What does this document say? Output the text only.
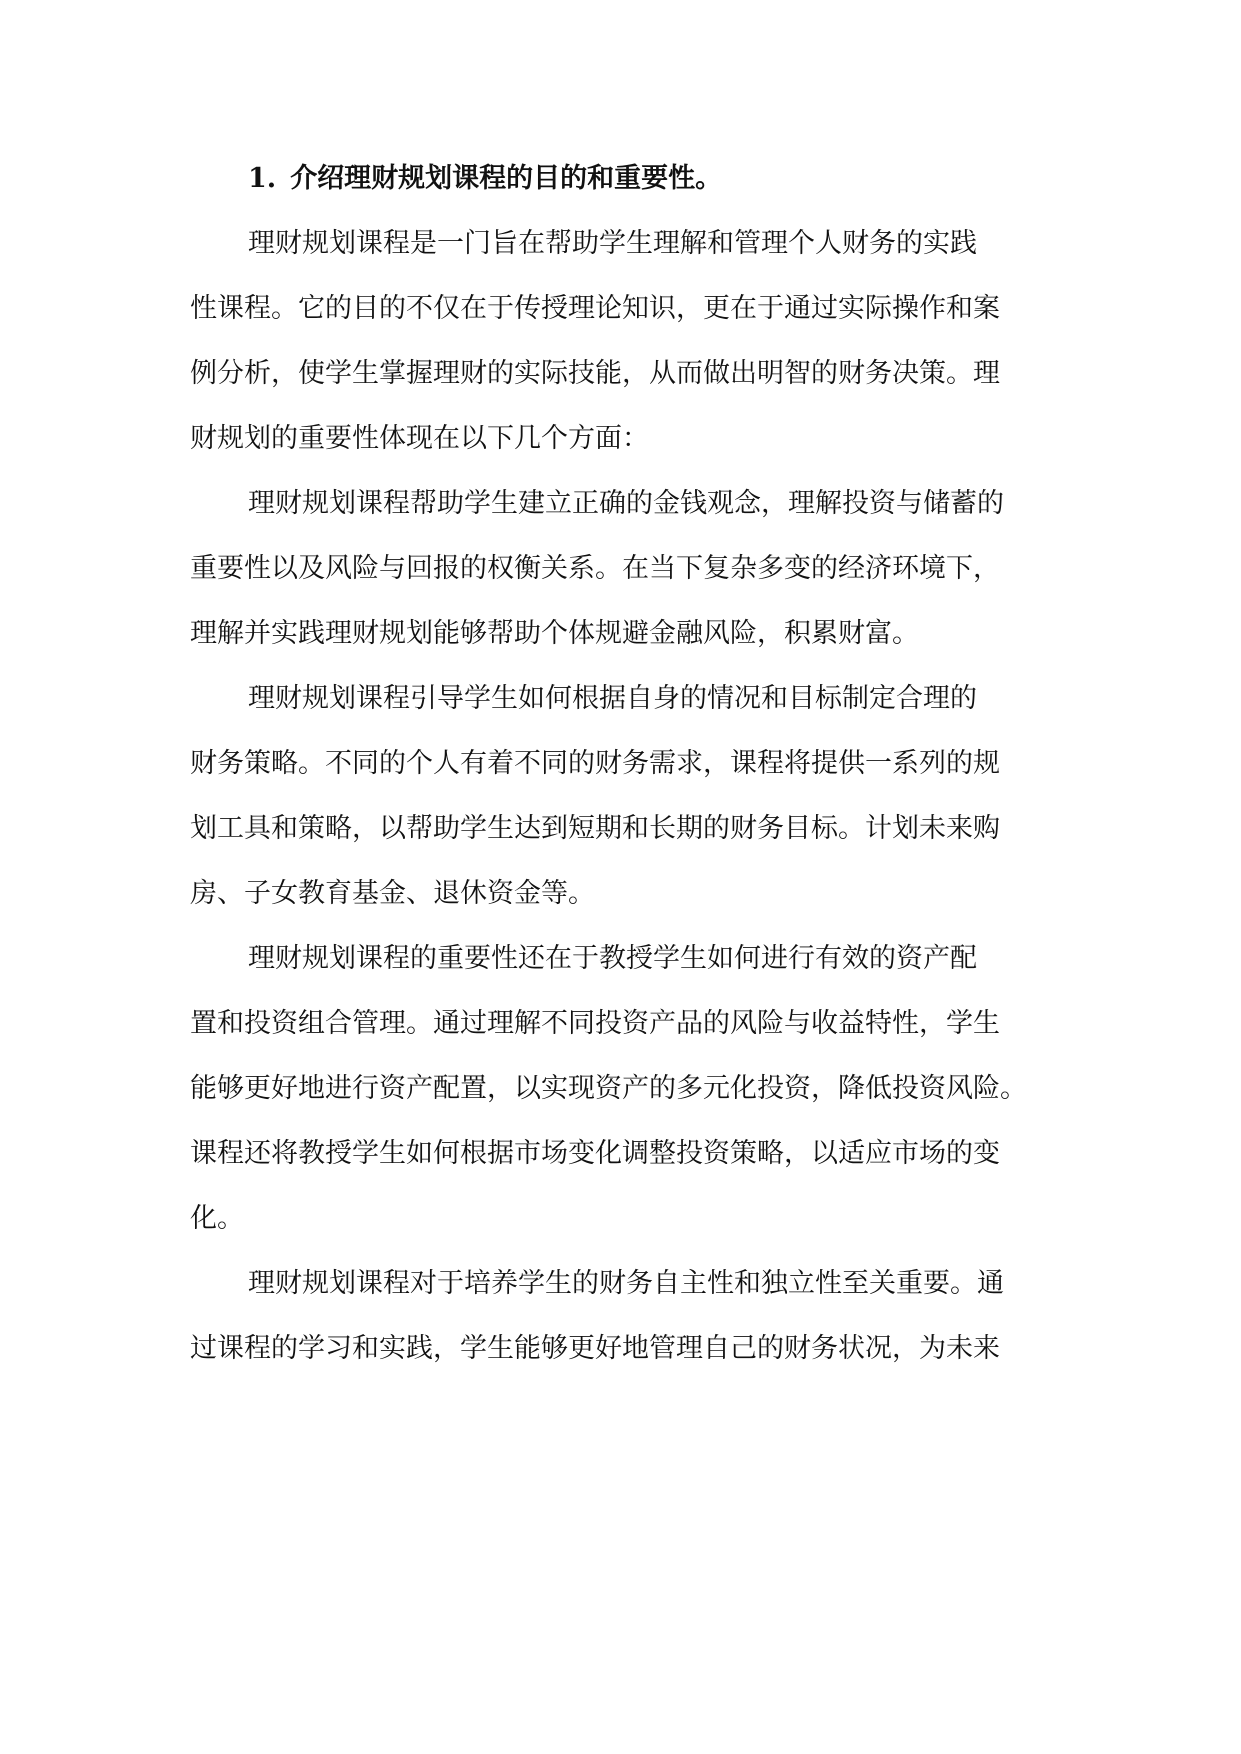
1. 介绍理财规划课程的目的和重要性。

理财规划课程是一门旨在帮助学生理解和管理个人财务的实践
性课程。它的目的不仅在于传授理论知识，更在于通过实际操作和案
例分析，使学生掌握理财的实际技能，从而做出明智的财务决策。理
财规划的重要性体现在以下几个方面：

理财规划课程帮助学生建立正确的金钱观念，理解投资与储蓄的
重要性以及风险与回报的权衡关系。在当下复杂多变的经济环境下，
理解并实践理财规划能够帮助个体规避金融风险，积累财富。

理财规划课程引导学生如何根据自身的情况和目标制定合理的
财务策略。不同的个人有着不同的财务需求，课程将提供一系列的规
划工具和策略，以帮助学生达到短期和长期的财务目标。计划未来购
房、子女教育基金、退休资金等。

理财规划课程的重要性还在于教授学生如何进行有效的资产配
置和投资组合管理。通过理解不同投资产品的风险与收益特性，学生
能够更好地进行资产配置，以实现资产的多元化投资，降低投资风险。
课程还将教授学生如何根据市场变化调整投资策略，以适应市场的变
化。

理财规划课程对于培养学生的财务自主性和独立性至关重要。通
过课程的学习和实践，学生能够更好地管理自己的财务状况，为未来
